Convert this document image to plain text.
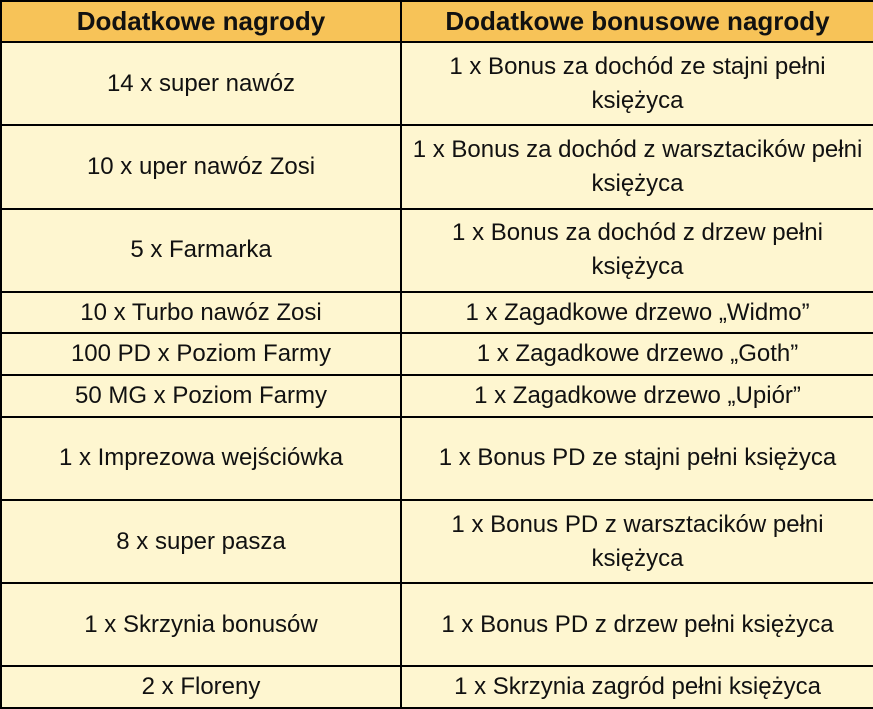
Dodatkowe nagrody	Dodatkowe bonusowe nagrody
14 x super nawóz	1 x Bonus za dochód ze stajni pełni księżyca
10 x uper nawóz Zosi	1 x Bonus za dochód z warsztacików pełni księżyca
5 x Farmarka	1 x Bonus za dochód z drzew pełni księżyca
10 x Turbo nawóz Zosi	1 x Zagadkowe drzewo „Widmo”
100 PD x Poziom Farmy	1 x Zagadkowe drzewo „Goth”
50 MG x Poziom Farmy	1 x Zagadkowe drzewo „Upiór”
1 x Imprezowa wejściówka	1 x Bonus PD ze stajni pełni księżyca
8 x super pasza	1 x Bonus PD z warsztacików pełni księżyca
1 x Skrzynia bonusów	1 x Bonus PD z drzew pełni księżyca
2 x Floreny	1 x Skrzynia zagród pełni księżyca
